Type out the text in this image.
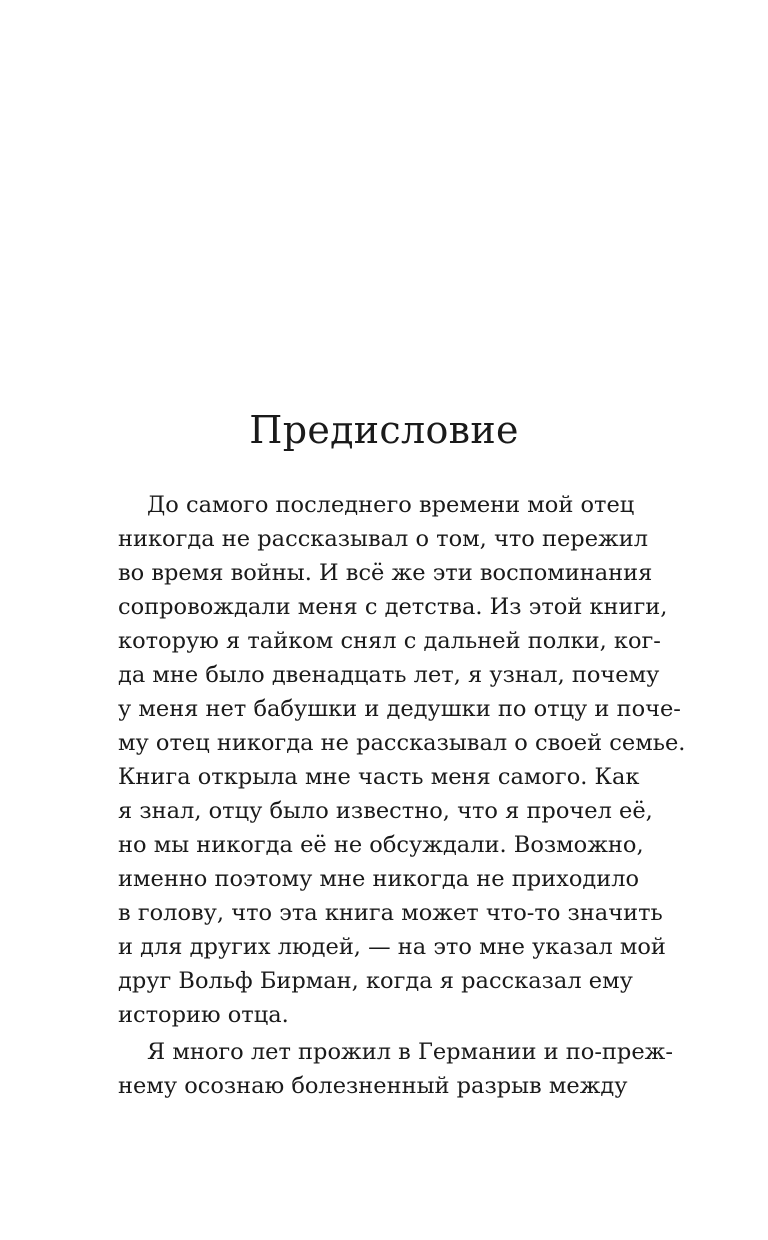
Предисловие
До самого последнего времени мой отец
никогда не рассказывал о том, что пережил
во время войны. И всё же эти воспоминания
сопровождали меня с детства. Из этой книги,
которую я тайком снял с дальней полки, ког-
да мне было двенадцать лет, я узнал, почему
у меня нет бабушки и дедушки по отцу и поче-
му отец никогда не рассказывал о своей семье.
Книга открыла мне часть меня самого. Как
я знал, отцу было известно, что я прочел её,
но мы никогда её не обсуждали. Возможно,
именно поэтому мне никогда не приходило
в голову, что эта книга может что-то значить
и для других людей, — на это мне указал мой
друг Вольф Бирман, когда я рассказал ему
историю отца.
Я много лет прожил в Германии и по-преж-
нему осознаю болезненный разрыв между
